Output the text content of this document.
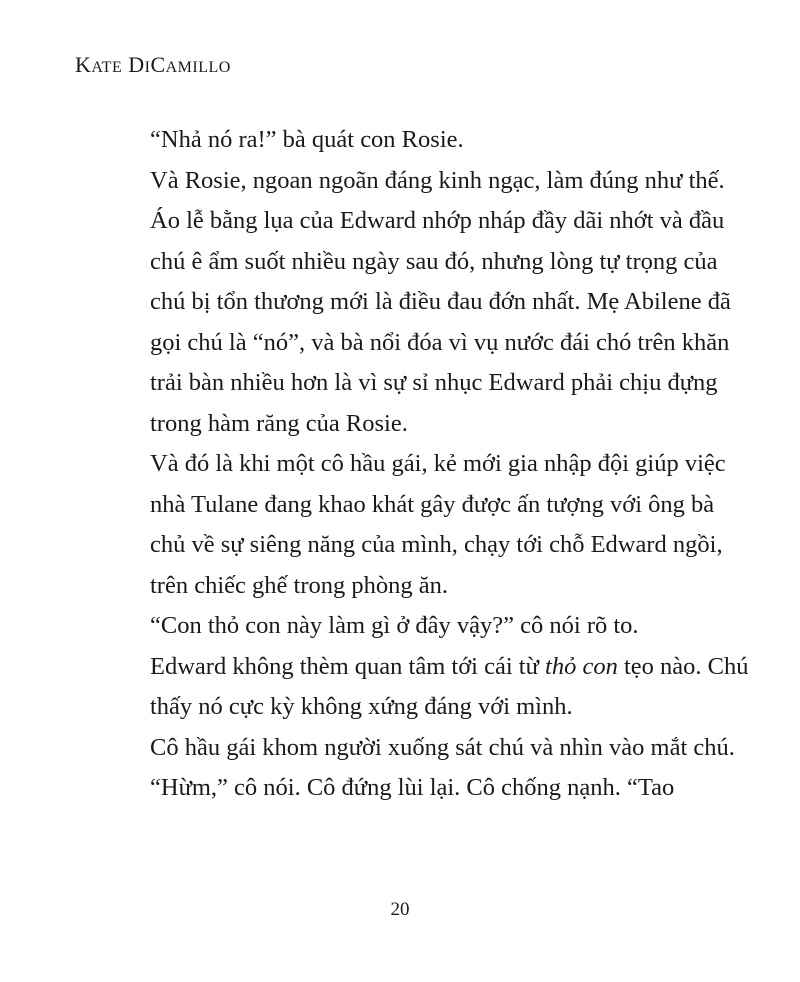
KATE DICAMILLO

“Nhả nó ra!” bà quát con Rosie.

Và Rosie, ngoan ngoãn đáng kinh ngạc, làm đúng như thế.

Áo lễ bằng lụa của Edward nhớp nháp đầy dãi nhớt và đầu chú ê ẩm suốt nhiều ngày sau đó, nhưng lòng tự trọng của chú bị tổn thương mới là điều đau đớn nhất. Mẹ Abilene đã gọi chú là “nó”, và bà nổi đóa vì vụ nước đái chó trên khăn trải bàn nhiều hơn là vì sự sỉ nhục Edward phải chịu đựng trong hàm răng của Rosie.

Và đó là khi một cô hầu gái, kẻ mới gia nhập đội giúp việc nhà Tulane đang khao khát gây được ấn tượng với ông bà chủ về sự siêng năng của mình, chạy tới chỗ Edward ngồi, trên chiếc ghế trong phòng ăn.

“Con thỏ con này làm gì ở đây vậy?” cô nói rõ to.

Edward không thèm quan tâm tới cái từ thỏ con tẹo nào. Chú thấy nó cực kỳ không xứng đáng với mình.

Cô hầu gái khom người xuống sát chú và nhìn vào mắt chú.

“Hừm,” cô nói. Cô đứng lùi lại. Cô chống nạnh. “Tao

20
